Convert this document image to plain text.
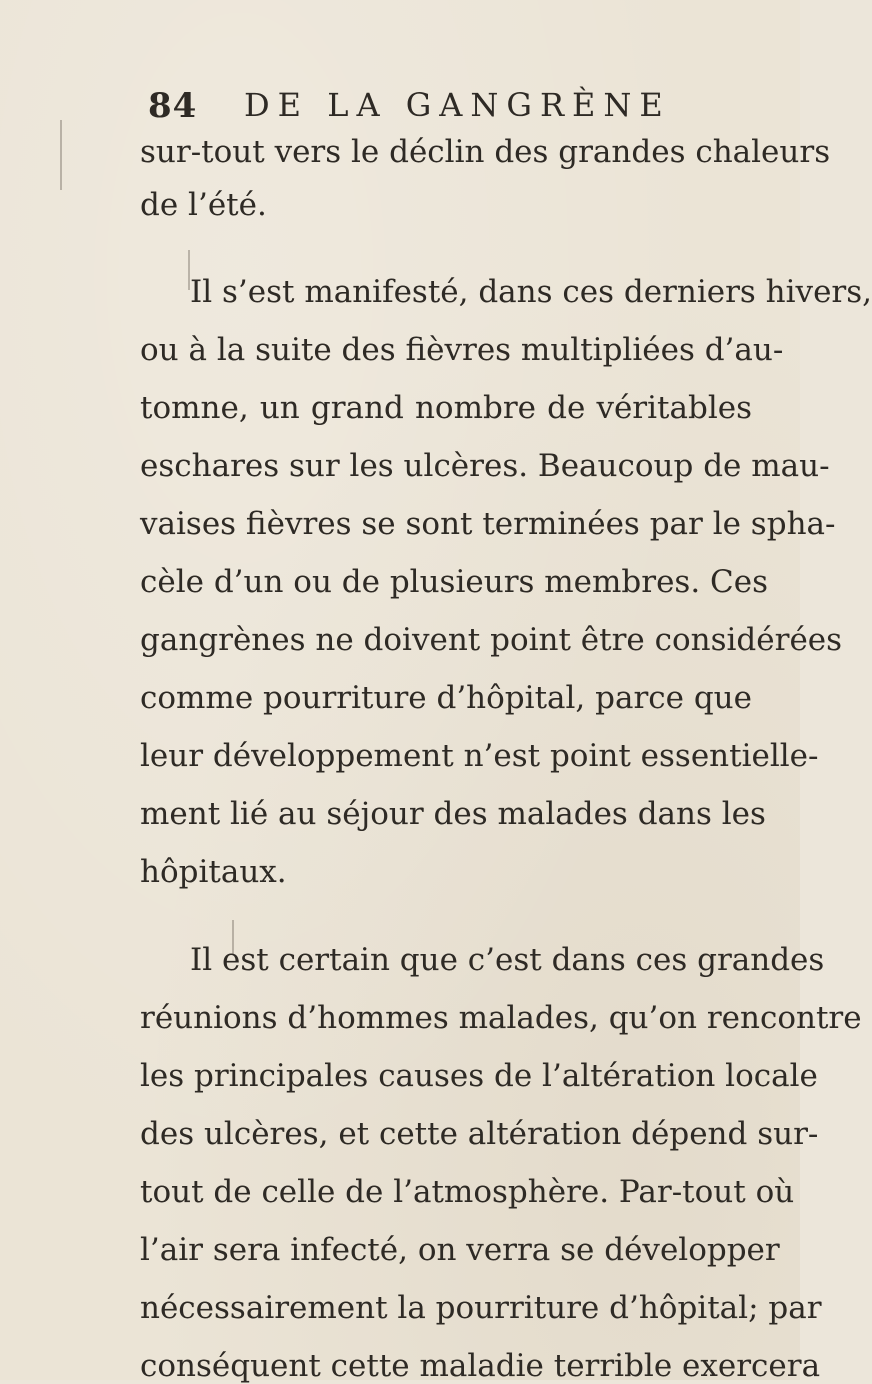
84 DE LA GANGRÈNE
sur-tout vers le déclin des grandes chaleurs
de l’été.
Il s’est manifesté, dans ces derniers hivers,
ou à la suite des fièvres multipliées d’au-
tomne, un grand nombre de véritables
eschares sur les ulcères. Beaucoup de mau-
vaises fièvres se sont terminées par le spha-
cèle d’un ou de plusieurs membres. Ces
gangrènes ne doivent point être considérées
comme pourriture d’hôpital, parce que
leur développement n’est point essentielle-
ment lié au séjour des malades dans les
hôpitaux.
Il est certain que c’est dans ces grandes
réunions d’hommes malades, qu’on rencontre
les principales causes de l’altération locale
des ulcères, et cette altération dépend sur-
tout de celle de l’atmosphère. Par-tout où
l’air sera infecté, on verra se développer
nécessairement la pourriture d’hôpital; par
conséquent cette maladie terrible exercera
